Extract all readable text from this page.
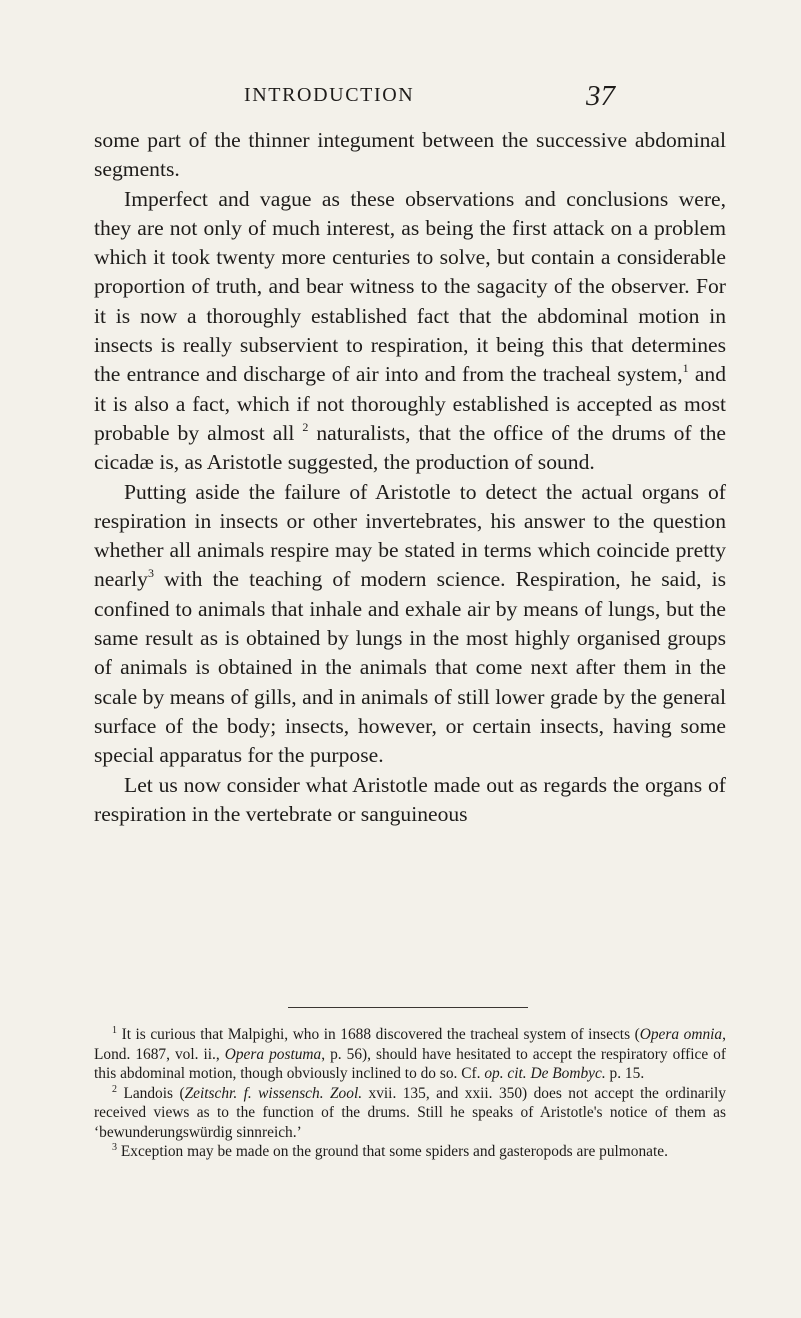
INTRODUCTION	37

some part of the thinner integument between the successive abdominal segments.

Imperfect and vague as these observations and conclusions were, they are not only of much interest, as being the first attack on a problem which it took twenty more centuries to solve, but contain a considerable proportion of truth, and bear witness to the sagacity of the observer. For it is now a thoroughly established fact that the abdominal motion in insects is really subservient to respiration, it being this that determines the entrance and discharge of air into and from the tracheal system,$^1$ and it is also a fact, which if not thoroughly established is accepted as most probable by almost all $^2$ naturalists, that the office of the drums of the cicadæ is, as Aristotle suggested, the production of sound.

Putting aside the failure of Aristotle to detect the actual organs of respiration in insects or other invertebrates, his answer to the question whether all animals respire may be stated in terms which coincide pretty nearly$^3$ with the teaching of modern science. Respiration, he said, is confined to animals that inhale and exhale air by means of lungs, but the same result as is obtained by lungs in the most highly organised groups of animals is obtained in the animals that come next after them in the scale by means of gills, and in animals of still lower grade by the general surface of the body; insects, however, or certain insects, having some special apparatus for the purpose.

Let us now consider what Aristotle made out as regards the organs of respiration in the vertebrate or sanguineous

$^1$ It is curious that Malpighi, who in 1688 discovered the tracheal system of insects (Opera omnia, Lond. 1687, vol. ii., Opera postuma, p. 56), should have hesitated to accept the respiratory office of this abdominal motion, though obviously inclined to do so. Cf. op. cit. De Bombyc. p. 15.

$^2$ Landois (Zeitschr. f. wissensch. Zool. xvii. 135, and xxii. 350) does not accept the ordinarily received views as to the function of the drums. Still he speaks of Aristotle's notice of them as ‘bewunderungswürdig sinnreich.’

$^3$ Exception may be made on the ground that some spiders and gasteropods are pulmonate.
